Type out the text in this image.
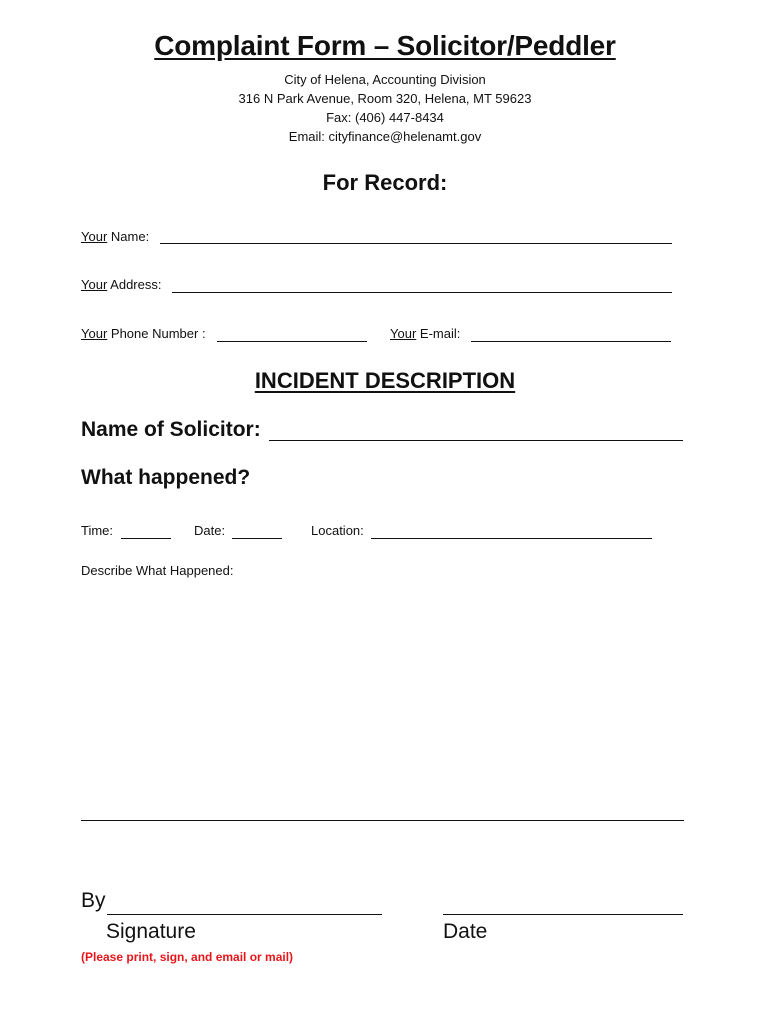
Complaint Form – Solicitor/Peddler
City of Helena, Accounting Division
316 N Park Avenue, Room 320, Helena, MT 59623
Fax: (406) 447-8434
Email: cityfinance@helenamt.gov
For Record:
Your Name:
Your Address:
Your Phone Number :	Your E-mail:
INCIDENT DESCRIPTION
Name of Solicitor:
What happened?
Time:	Date:	Location:
Describe What Happened:
By
Signature	Date
(Please print, sign, and email or mail)
